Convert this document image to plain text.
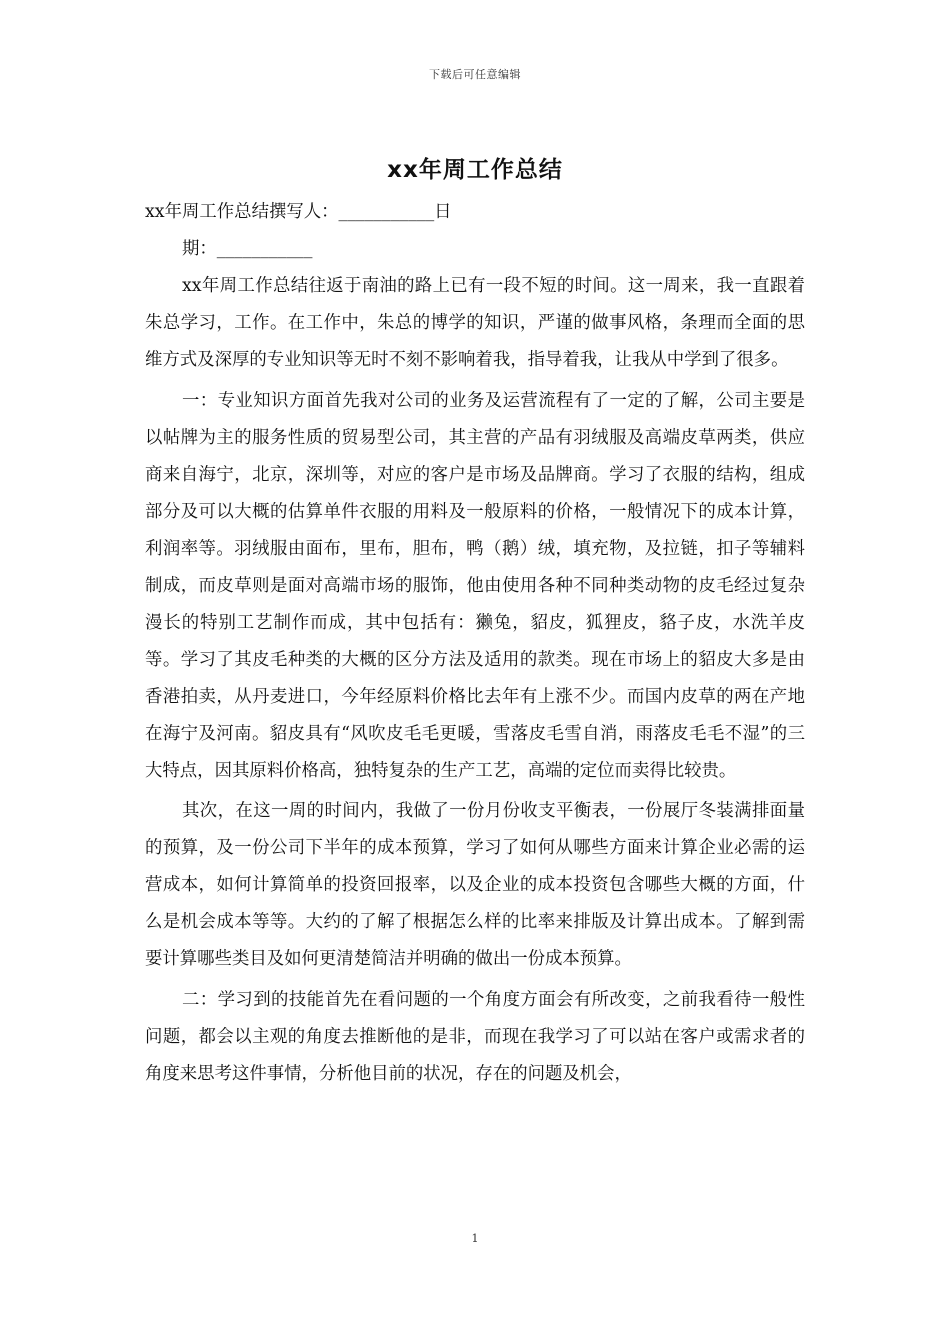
下载后可任意编辑
xx年周工作总结

xx年周工作总结撰写人：___________日

期：___________

xx年周工作总结往返于南油的路上已有一段不短的时间。这一周来，我一直跟着朱总学习，工作。在工作中，朱总的博学的知识，严谨的做事风格，条理而全面的思维方式及深厚的专业知识等无时不刻不影响着我，指导着我，让我从中学到了很多。

一：专业知识方面首先我对公司的业务及运营流程有了一定的了解，公司主要是以帖牌为主的服务性质的贸易型公司，其主营的产品有羽绒服及高端皮草两类，供应商来自海宁，北京，深圳等，对应的客户是市场及品牌商。学习了衣服的结构，组成部分及可以大概的估算单件衣服的用料及一般原料的价格，一般情况下的成本计算，利润率等。羽绒服由面布，里布，胆布，鸭（鹅）绒，填充物，及拉链，扣子等辅料制成，而皮草则是面对高端市场的服饰，他由使用各种不同种类动物的皮毛经过复杂漫长的特别工艺制作而成，其中包括有：獭兔，貂皮，狐狸皮，貉子皮，水洗羊皮等。学习了其皮毛种类的大概的区分方法及适用的款类。现在市场上的貂皮大多是由香港拍卖，从丹麦进口，今年经原料价格比去年有上涨不少。而国内皮草的两在产地在海宁及河南。貂皮具有“风吹皮毛毛更暖，雪落皮毛雪自消，雨落皮毛毛不湿”的三大特点，因其原料价格高，独特复杂的生产工艺，高端的定位而卖得比较贵。

其次，在这一周的时间内，我做了一份月份收支平衡表，一份展厅冬装满排面量的预算，及一份公司下半年的成本预算，学习了如何从哪些方面来计算企业必需的运营成本，如何计算简单的投资回报率，以及企业的成本投资包含哪些大概的方面，什么是机会成本等等。大约的了解了根据怎么样的比率来排版及计算出成本。了解到需要计算哪些类目及如何更清楚简洁并明确的做出一份成本预算。

二：学习到的技能首先在看问题的一个角度方面会有所改变，之前我看待一般性问题，都会以主观的角度去推断他的是非，而现在我学习了可以站在客户或需求者的角度来思考这件事情，分析他目前的状况，存在的问题及机会，

1
